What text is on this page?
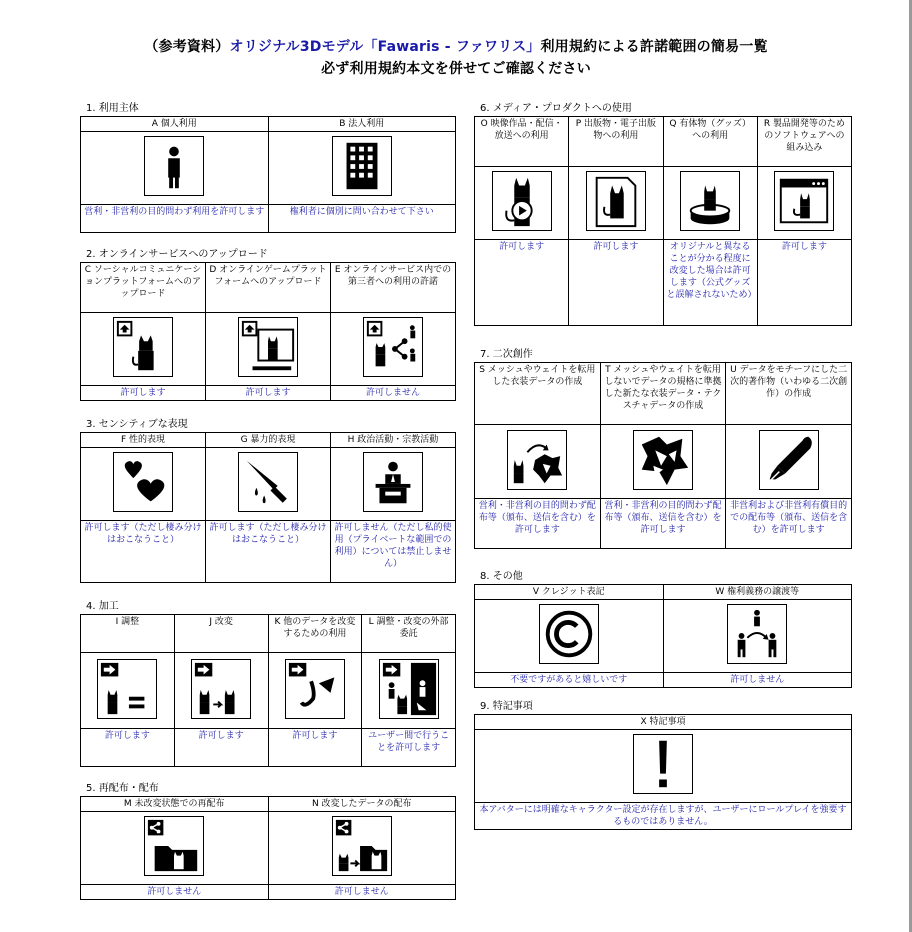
（参考資料）オリジナル3Dモデル「Fawaris - ファワリス」利用規約による許諾範囲の簡易一覧
必ず利用規約本文を併せてご確認ください
1. 利用主体
A 個人利用	B 法人利用

営利・非営利の目的問わず利用を許可します	権利者に個別に問い合わせて下さい
2. オンラインサービスへのアップロード
C ソーシャルコミュニケーションプラットフォームへのアップロード	D オンラインゲームプラットフォームへのアップロード	E オンラインサービス内での第三者への利用の許諾

許可します	許可します	許可しません
3. センシティブな表現
F 性的表現	G 暴力的表現	H 政治活動・宗教活動

許可します（ただし棲み分けはおこなうこと）	許可します（ただし棲み分けはおこなうこと）	許可しません（ただし私的使用（プライベートな範囲での利用）については禁止しません）
4. 加工
I 調整	J 改変	K 他のデータを改変するための利用	L 調整・改変の外部委託

許可します	許可します	許可します	ユーザー間で行うことを許可します
5. 再配布・配布
M 未改変状態での再配布	N 改変したデータの配布

許可しません	許可しません
6. メディア・プロダクトへの使用
O 映像作品・配信・放送への利用	P 出版物・電子出版物への利用	Q 有体物（グッズ）への利用	R 製品開発等のためのソフトウェアへの組み込み

許可します	許可します	オリジナルと異なることが分かる程度に改変した場合は許可します（公式グッズと誤解されないため）	許可します
7. 二次創作
S メッシュやウェイトを転用した衣装データの作成	T メッシュやウェイトを転用しないでデータの規格に準拠した新たな衣装データ・テクスチャデータの作成	U データをモチーフにした二次的著作物（いわゆる二次創作）の作成

営利・非営利の目的問わず配布等（頒布、送信を含む）を許可します	営利・非営利の目的問わず配布等（頒布、送信を含む）を許可します	非営利および非営利有償目的での配布等（頒布、送信を含む）を許可します
8. その他
V クレジット表記	W 権利義務の譲渡等

不要ですがあると嬉しいです	許可しません
9. 特記事項
X 特記事項

本アバターには明確なキャラクター設定が存在しますが、ユーザーにロールプレイを強要するものではありません。
